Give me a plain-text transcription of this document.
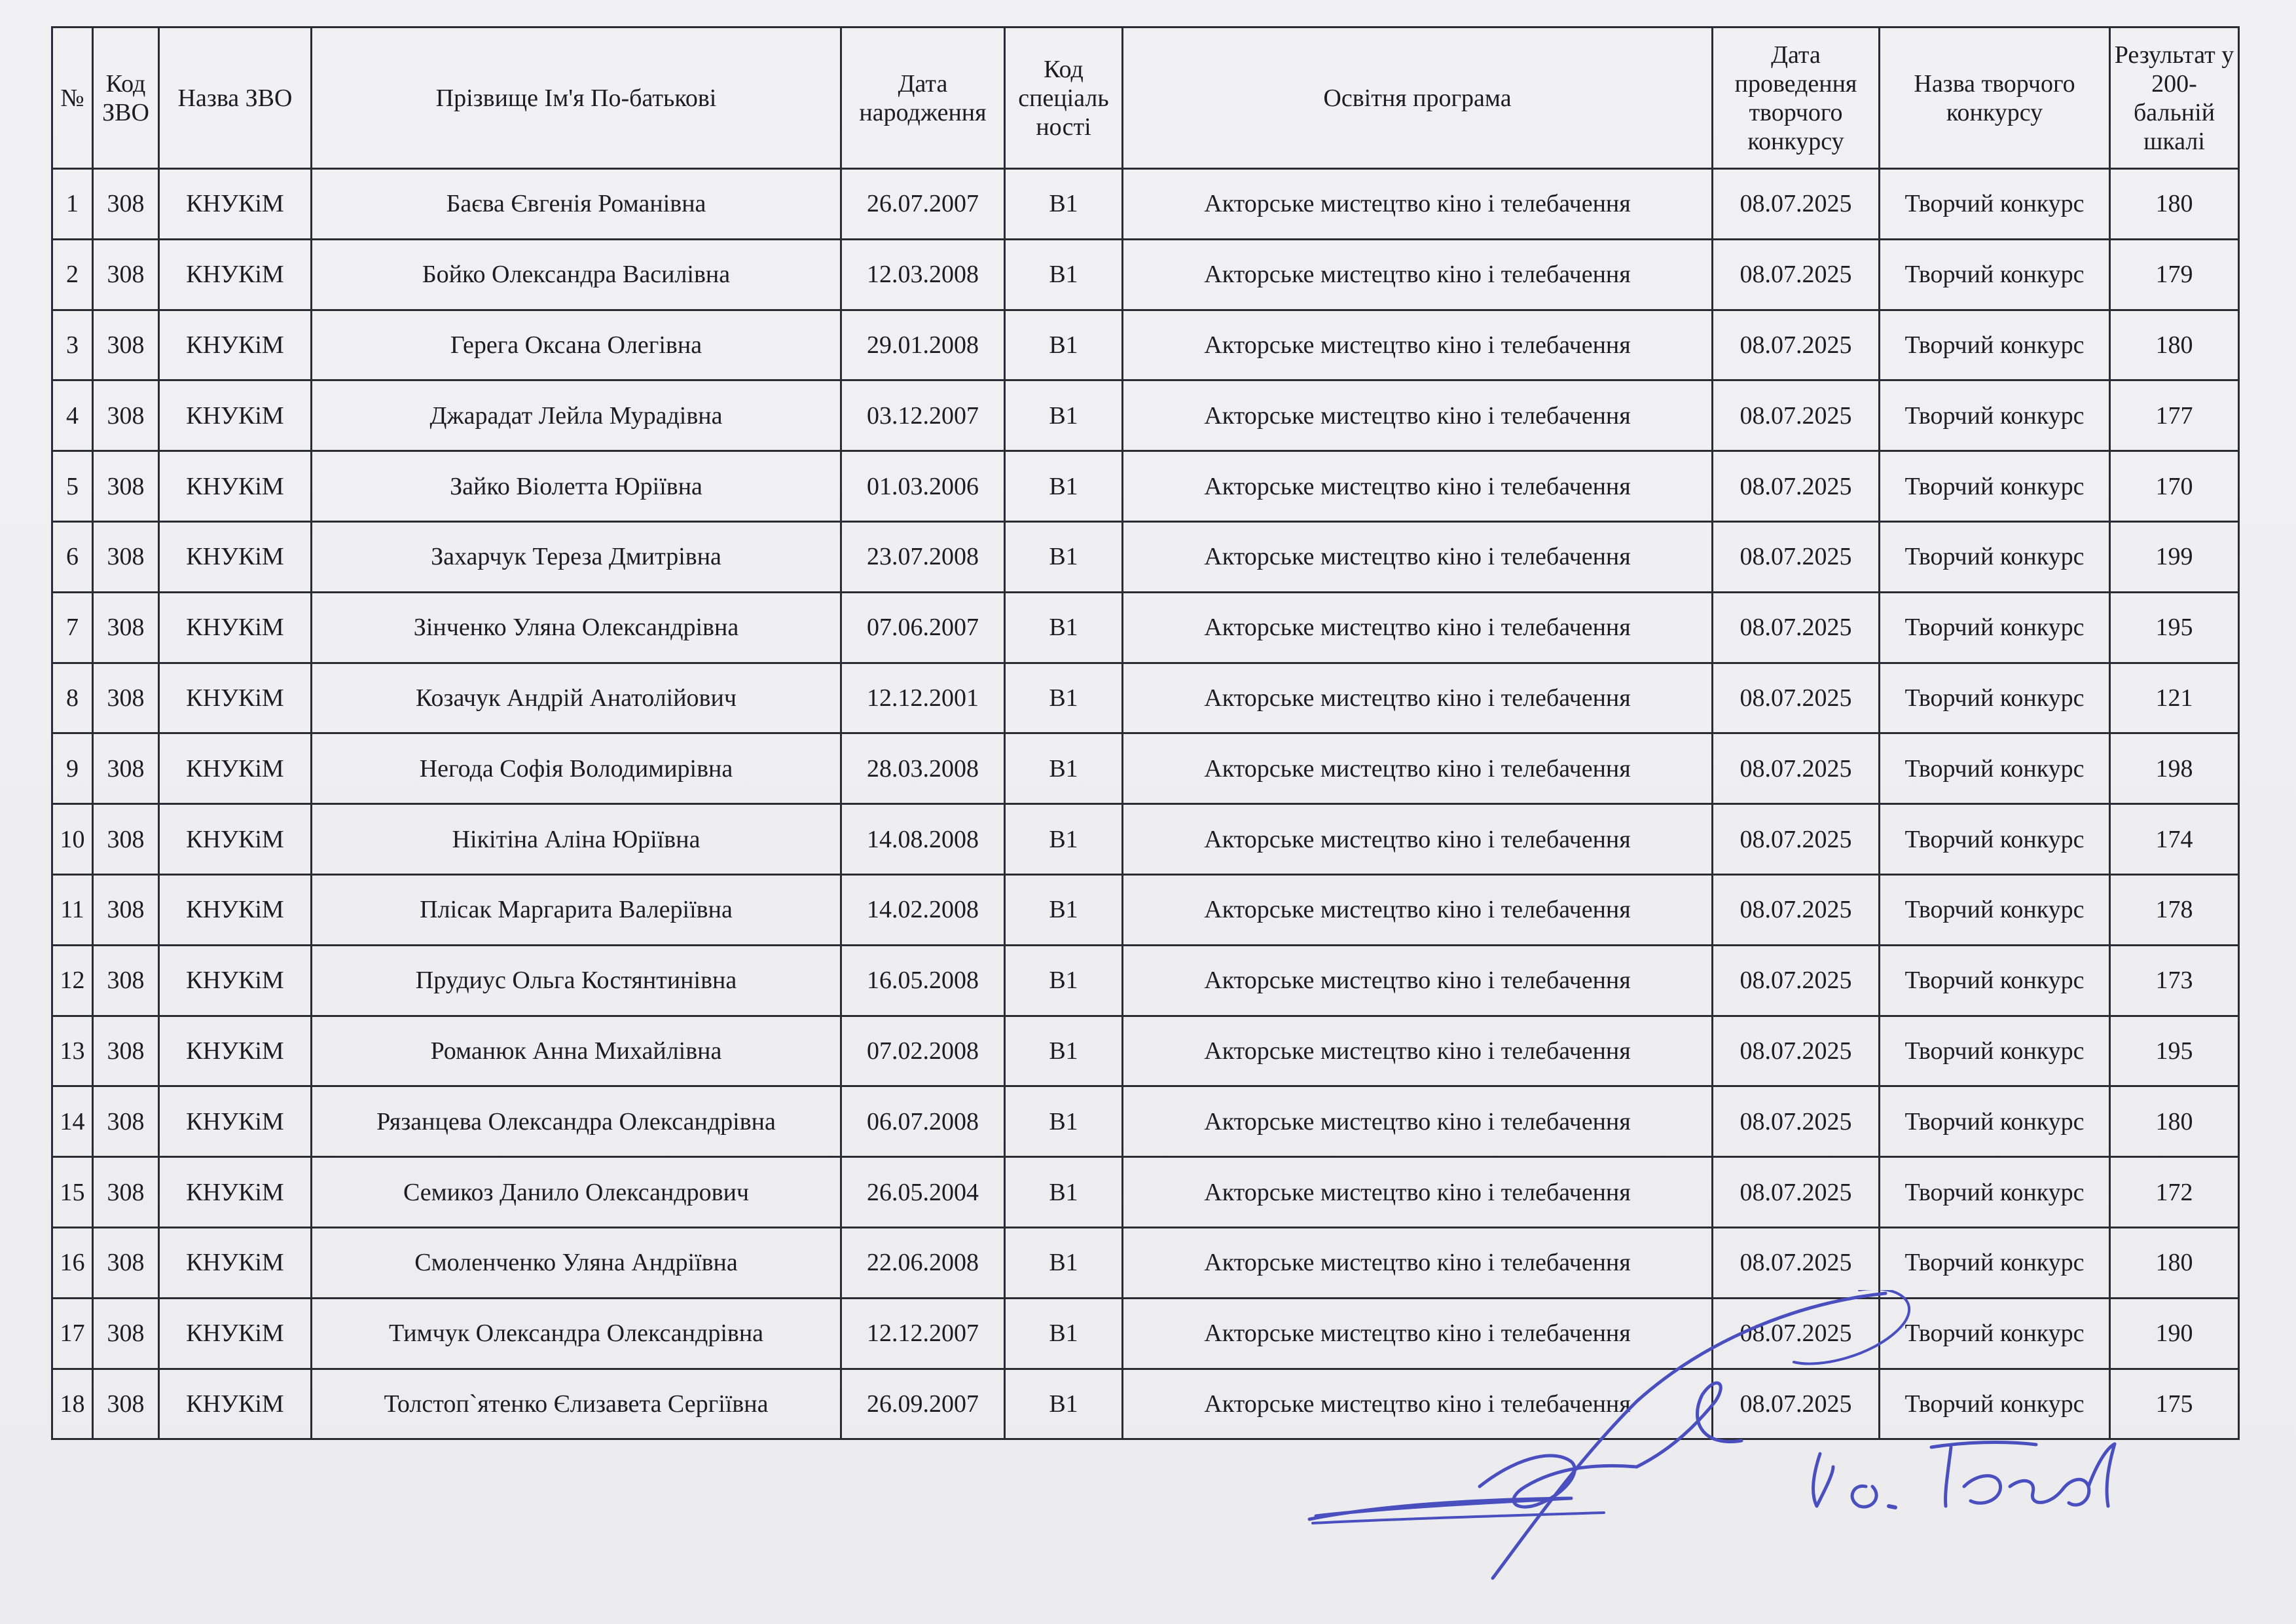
№	Код ЗВО	Назва ЗВО	Прізвище Ім'я По-батькові	Дата народження	Код спеціаль ності	Освітня програма	Дата проведення творчого конкурсу	Назва творчого конкурсу	Результат у 200-бальній шкалі
1	308	КНУКіМ	Баєва Євгенія Романівна	26.07.2007	В1	Акторське мистецтво кіно і телебачення	08.07.2025	Творчий конкурс	180
2	308	КНУКіМ	Бойко Олександра Василівна	12.03.2008	В1	Акторське мистецтво кіно і телебачення	08.07.2025	Творчий конкурс	179
3	308	КНУКіМ	Герега Оксана Олегівна	29.01.2008	В1	Акторське мистецтво кіно і телебачення	08.07.2025	Творчий конкурс	180
4	308	КНУКіМ	Джарадат Лейла Мурадівна	03.12.2007	В1	Акторське мистецтво кіно і телебачення	08.07.2025	Творчий конкурс	177
5	308	КНУКіМ	Зайко Віолетта Юріївна	01.03.2006	В1	Акторське мистецтво кіно і телебачення	08.07.2025	Творчий конкурс	170
6	308	КНУКіМ	Захарчук Тереза Дмитрівна	23.07.2008	В1	Акторське мистецтво кіно і телебачення	08.07.2025	Творчий конкурс	199
7	308	КНУКіМ	Зінченко Уляна Олександрівна	07.06.2007	В1	Акторське мистецтво кіно і телебачення	08.07.2025	Творчий конкурс	195
8	308	КНУКіМ	Козачук Андрій Анатолійович	12.12.2001	В1	Акторське мистецтво кіно і телебачення	08.07.2025	Творчий конкурс	121
9	308	КНУКіМ	Негода Софія Володимирівна	28.03.2008	В1	Акторське мистецтво кіно і телебачення	08.07.2025	Творчий конкурс	198
10	308	КНУКіМ	Нікітіна Аліна Юріївна	14.08.2008	В1	Акторське мистецтво кіно і телебачення	08.07.2025	Творчий конкурс	174
11	308	КНУКіМ	Плісак Маргарита Валеріївна	14.02.2008	В1	Акторське мистецтво кіно і телебачення	08.07.2025	Творчий конкурс	178
12	308	КНУКіМ	Прудиус Ольга Костянтинівна	16.05.2008	В1	Акторське мистецтво кіно і телебачення	08.07.2025	Творчий конкурс	173
13	308	КНУКіМ	Романюк Анна Михайлівна	07.02.2008	В1	Акторське мистецтво кіно і телебачення	08.07.2025	Творчий конкурс	195
14	308	КНУКіМ	Рязанцева Олександра Олександрівна	06.07.2008	В1	Акторське мистецтво кіно і телебачення	08.07.2025	Творчий конкурс	180
15	308	КНУКіМ	Семикоз Данило Олександрович	26.05.2004	В1	Акторське мистецтво кіно і телебачення	08.07.2025	Творчий конкурс	172
16	308	КНУКіМ	Смоленченко Уляна Андріївна	22.06.2008	В1	Акторське мистецтво кіно і телебачення	08.07.2025	Творчий конкурс	180
17	308	КНУКіМ	Тимчук Олександра Олександрівна	12.12.2007	В1	Акторське мистецтво кіно і телебачення	08.07.2025	Творчий конкурс	190
18	308	КНУКіМ	Толстоп`ятенко Єлизавета Сергіївна	26.09.2007	В1	Акторське мистецтво кіно і телебачення	08.07.2025	Творчий конкурс	175
